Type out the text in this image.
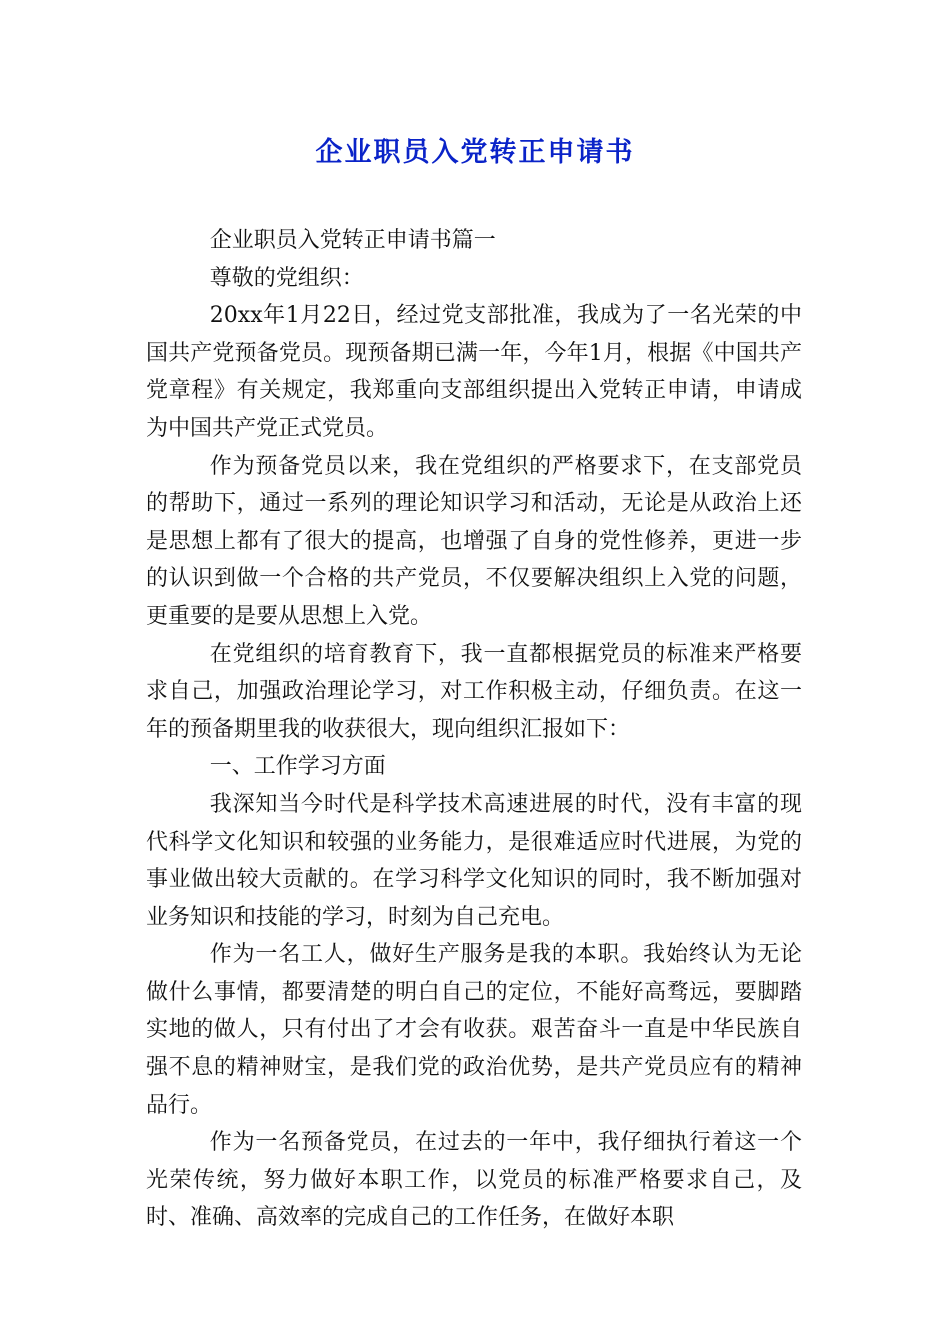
企业职员入党转正申请书

企业职员入党转正申请书篇一

尊敬的党组织：

20xx年1月22日，经过党支部批准，我成为了一名光荣的中国共产党预备党员。现预备期已满一年，今年1月，根据《中国共产党章程》有关规定，我郑重向支部组织提出入党转正申请，申请成为中国共产党正式党员。

作为预备党员以来，我在党组织的严格要求下，在支部党员的帮助下，通过一系列的理论知识学习和活动，无论是从政治上还是思想上都有了很大的提高，也增强了自身的党性修养，更进一步的认识到做一个合格的共产党员，不仅要解决组织上入党的问题，更重要的是要从思想上入党。

在党组织的培育教育下，我一直都根据党员的标准来严格要求自己，加强政治理论学习，对工作积极主动，仔细负责。在这一年的预备期里我的收获很大，现向组织汇报如下：

一、工作学习方面

我深知当今时代是科学技术高速进展的时代，没有丰富的现代科学文化知识和较强的业务能力，是很难适应时代进展，为党的事业做出较大贡献的。在学习科学文化知识的同时，我不断加强对业务知识和技能的学习，时刻为自己充电。

作为一名工人，做好生产服务是我的本职。我始终认为无论做什么事情，都要清楚的明白自己的定位，不能好高骛远，要脚踏实地的做人，只有付出了才会有收获。艰苦奋斗一直是中华民族自强不息的精神财宝，是我们党的政治优势，是共产党员应有的精神品行。

作为一名预备党员，在过去的一年中，我仔细执行着这一个光荣传统，努力做好本职工作，以党员的标准严格要求自己，及时、准确、高效率的完成自己的工作任务，在做好本职
